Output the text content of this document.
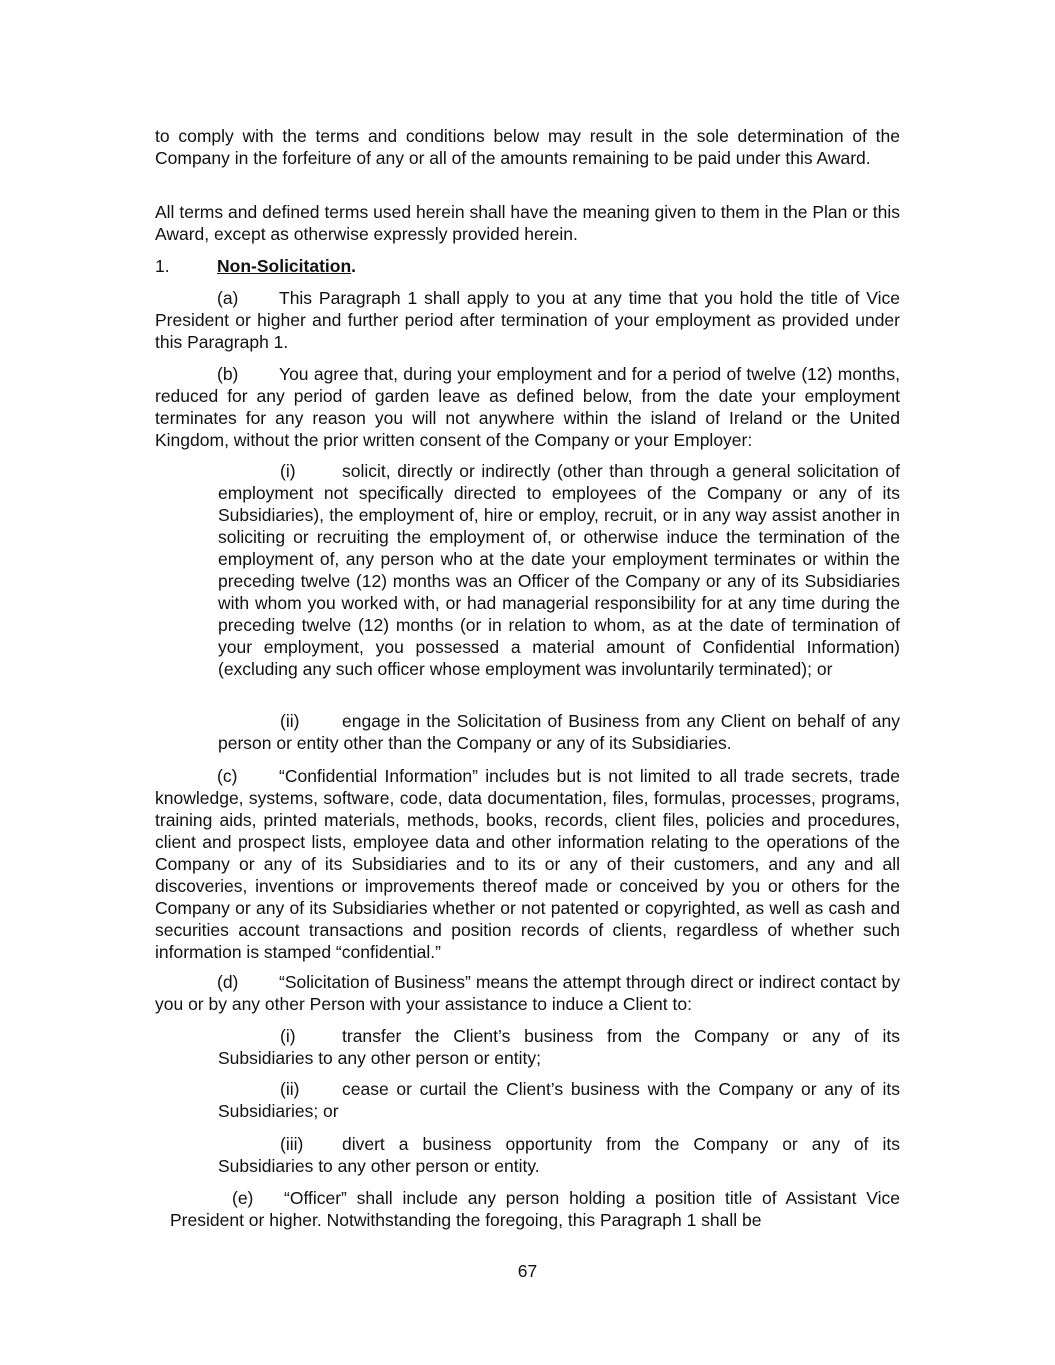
to comply with the terms and conditions below may result in the sole determination of the Company in the forfeiture of any or all of the amounts remaining to be paid under this Award.

All terms and defined terms used herein shall have the meaning given to them in the Plan or this Award, except as otherwise expressly provided herein.

1.	Non-Solicitation.

(a) This Paragraph 1 shall apply to you at any time that you hold the title of Vice President or higher and further period after termination of your employment as provided under this Paragraph 1.

(b) You agree that, during your employment and for a period of twelve (12) months, reduced for any period of garden leave as defined below, from the date your employment terminates for any reason you will not anywhere within the island of Ireland or the United Kingdom, without the prior written consent of the Company or your Employer:

(i)	solicit, directly or indirectly (other than through a general solicitation of employment not specifically directed to employees of the Company or any of its Subsidiaries), the employment of, hire or employ, recruit, or in any way assist another in soliciting or recruiting the employment of, or otherwise induce the termination of the employment of, any person who at the date your employment terminates or within the preceding twelve (12) months was an Officer of the Company or any of its Subsidiaries with whom you worked with, or had managerial responsibility for at any time during the preceding twelve (12) months (or in relation to whom, as at the date of termination of your employment, you possessed a material amount of Confidential Information) (excluding any such officer whose employment was involuntarily terminated); or

(ii) engage in the Solicitation of Business from any Client on behalf of any person or entity other than the Company or any of its Subsidiaries.

(c) “Confidential Information” includes but is not limited to all trade secrets, trade knowledge, systems, software, code, data documentation, files, formulas, processes, programs, training aids, printed materials, methods, books, records, client files, policies and procedures, client and prospect lists, employee data and other information relating to the operations of the Company or any of its Subsidiaries and to its or any of their customers, and any and all discoveries, inventions or improvements thereof made or conceived by you or others for the Company or any of its Subsidiaries whether or not patented or copyrighted, as well as cash and securities account transactions and position records of clients, regardless of whether such information is stamped “confidential.”

(d) “Solicitation of Business” means the attempt through direct or indirect contact by you or by any other Person with your assistance to induce a Client to:

(i)	transfer the Client’s business from the Company or any of its Subsidiaries to any other person or entity;

(ii) cease or curtail the Client’s business with the Company or any of its Subsidiaries; or

(iii) divert a business opportunity from the Company or any of its Subsidiaries to any other person or entity.

(e) “Officer” shall include any person holding a position title of Assistant Vice President or higher. Notwithstanding the foregoing, this Paragraph 1 shall be

67
